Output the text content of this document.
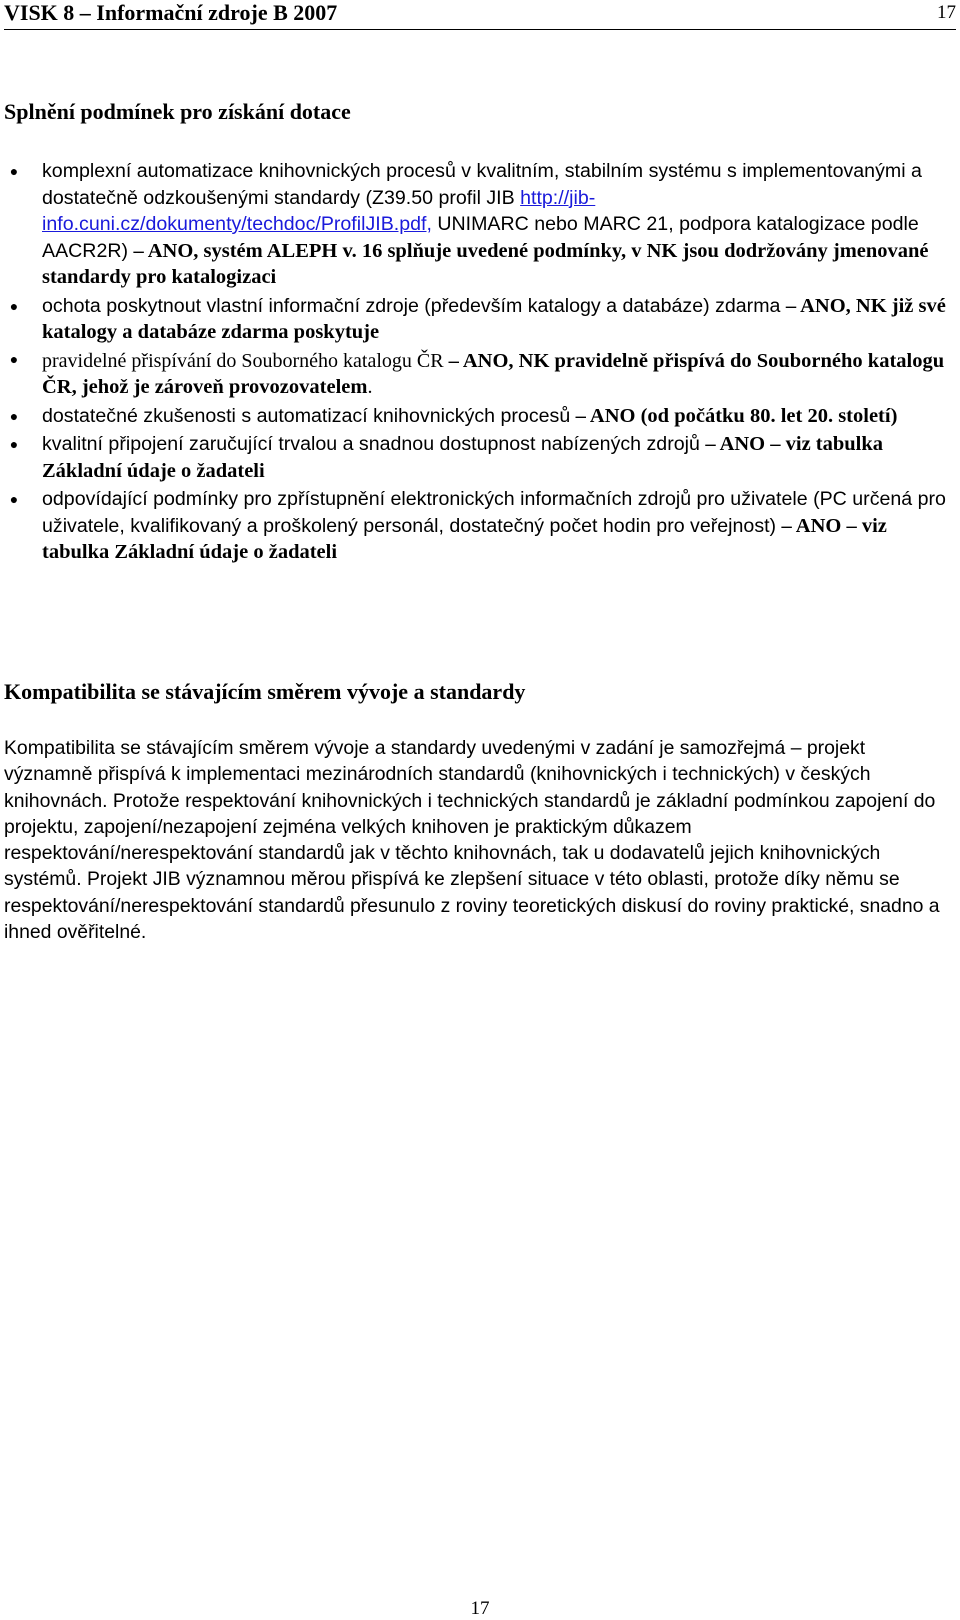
VISK 8 – Informační zdroje B 2007	17
Splnění podmínek pro získání dotace
● komplexní automatizace knihovnických procesů v kvalitním, stabilním systému s implementovanými a dostatečně odzkoušenými standardy (Z39.50 profil JIB http://jib-info.cuni.cz/dokumenty/techdoc/ProfilJIB.pdf, UNIMARC nebo MARC 21, podpora katalogizace podle AACR2R) – ANO, systém ALEPH v. 16 splňuje uvedené podmínky, v NK jsou dodržovány jmenované standardy pro katalogizaci
● ochota poskytnout vlastní informační zdroje (především katalogy a databáze) zdarma – ANO, NK již své katalogy a databáze zdarma poskytuje
● pravidelné přispívání do Souborného katalogu ČR – ANO, NK pravidelně přispívá do Souborného katalogu ČR, jehož je zároveň provozovatelem.
● dostatečné zkušenosti s automatizací knihovnických procesů – ANO (od počátku 80. let 20. století)
● kvalitní připojení zaručující trvalou a snadnou dostupnost nabízených zdrojů – ANO – viz tabulka Základní údaje o žadateli
● odpovídající podmínky pro zpřístupnění elektronických informačních zdrojů pro uživatele (PC určená pro uživatele, kvalifikovaný a proškolený personál, dostatečný počet hodin pro veřejnost) – ANO – viz tabulka Základní údaje o žadateli
Kompatibilita se stávajícím směrem vývoje a standardy

Kompatibilita se stávajícím směrem vývoje a standardy uvedenými v zadání je samozřejmá – projekt významně přispívá k implementaci mezinárodních standardů (knihovnických i technických) v českých knihovnách. Protože respektování knihovnických i technických standardů je základní podmínkou zapojení do projektu, zapojení/nezapojení zejména velkých knihoven je praktickým důkazem respektování/nerespektování standardů jak v těchto knihovnách, tak u dodavatelů jejich knihovnických systémů. Projekt JIB významnou měrou přispívá ke zlepšení situace v této oblasti, protože díky němu se respektování/nerespektování standardů přesunulo z roviny teoretických diskusí do roviny praktické, snadno a ihned ověřitelné.

17
